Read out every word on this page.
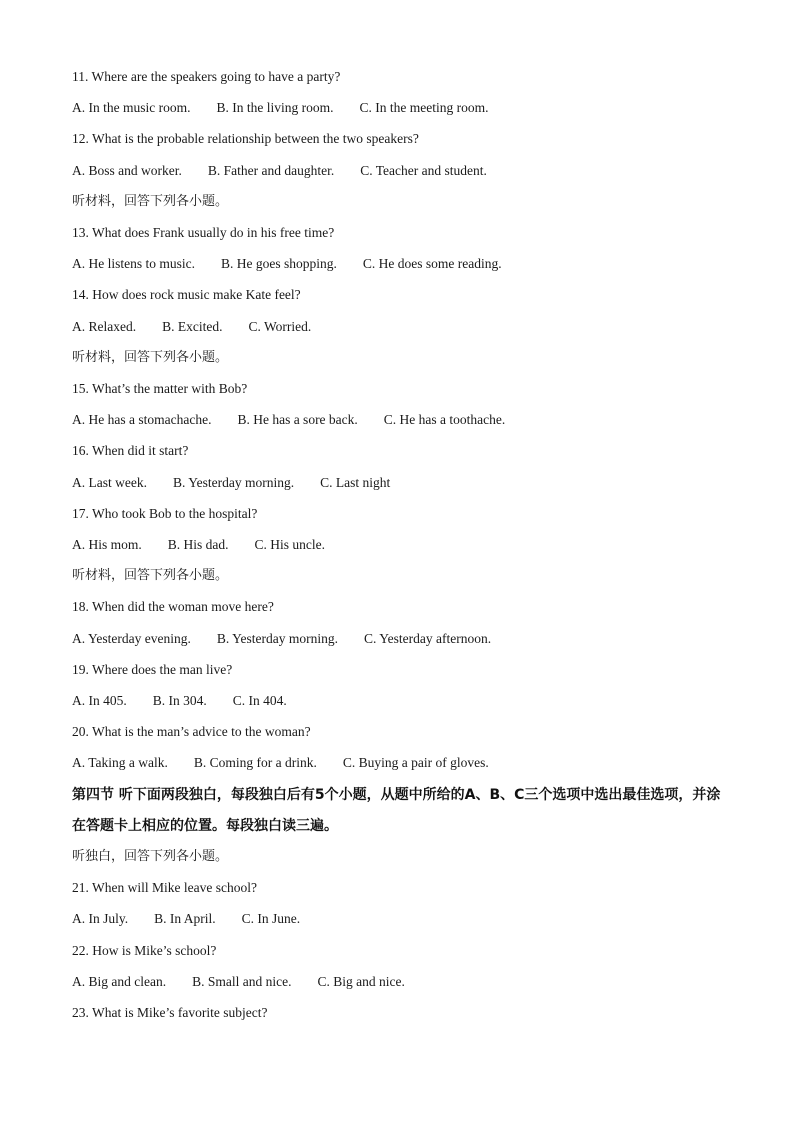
11. Where are the speakers going to have a party?
A. In the music room. B. In the living room. C. In the meeting room.
12. What is the probable relationship between the two speakers?
A. Boss and worker. B. Father and daughter. C. Teacher and student.
听材料，回答下列各小题。
13. What does Frank usually do in his free time?
A. He listens to music. B. He goes shopping. C. He does some reading.
14. How does rock music make Kate feel?
A. Relaxed. B. Excited. C. Worried.
听材料，回答下列各小题。
15. What’s the matter with Bob?
A. He has a stomachache. B. He has a sore back. C. He has a toothache.
16. When did it start?
A. Last week. B. Yesterday morning. C. Last night
17. Who took Bob to the hospital?
A. His mom. B. His dad. C. His uncle.
听材料，回答下列各小题。
18. When did the woman move here?
A. Yesterday evening. B. Yesterday morning. C. Yesterday afternoon.
19. Where does the man live?
A. In 405. B. In 304. C. In 404.
20. What is the man’s advice to the woman?
A. Taking a walk. B. Coming for a drink. C. Buying a pair of gloves.
第四节 听下面两段独白，每段独白后有5个小题，从题中所给的A、B、C三个选项中选出最佳选项，并涂在答题卡上相应的位置。每段独白读三遍。
听独白，回答下列各小题。
21. When will Mike leave school?
A. In July. B. In April. C. In June.
22. How is Mike’s school?
A. Big and clean. B. Small and nice. C. Big and nice.
23. What is Mike’s favorite subject?
